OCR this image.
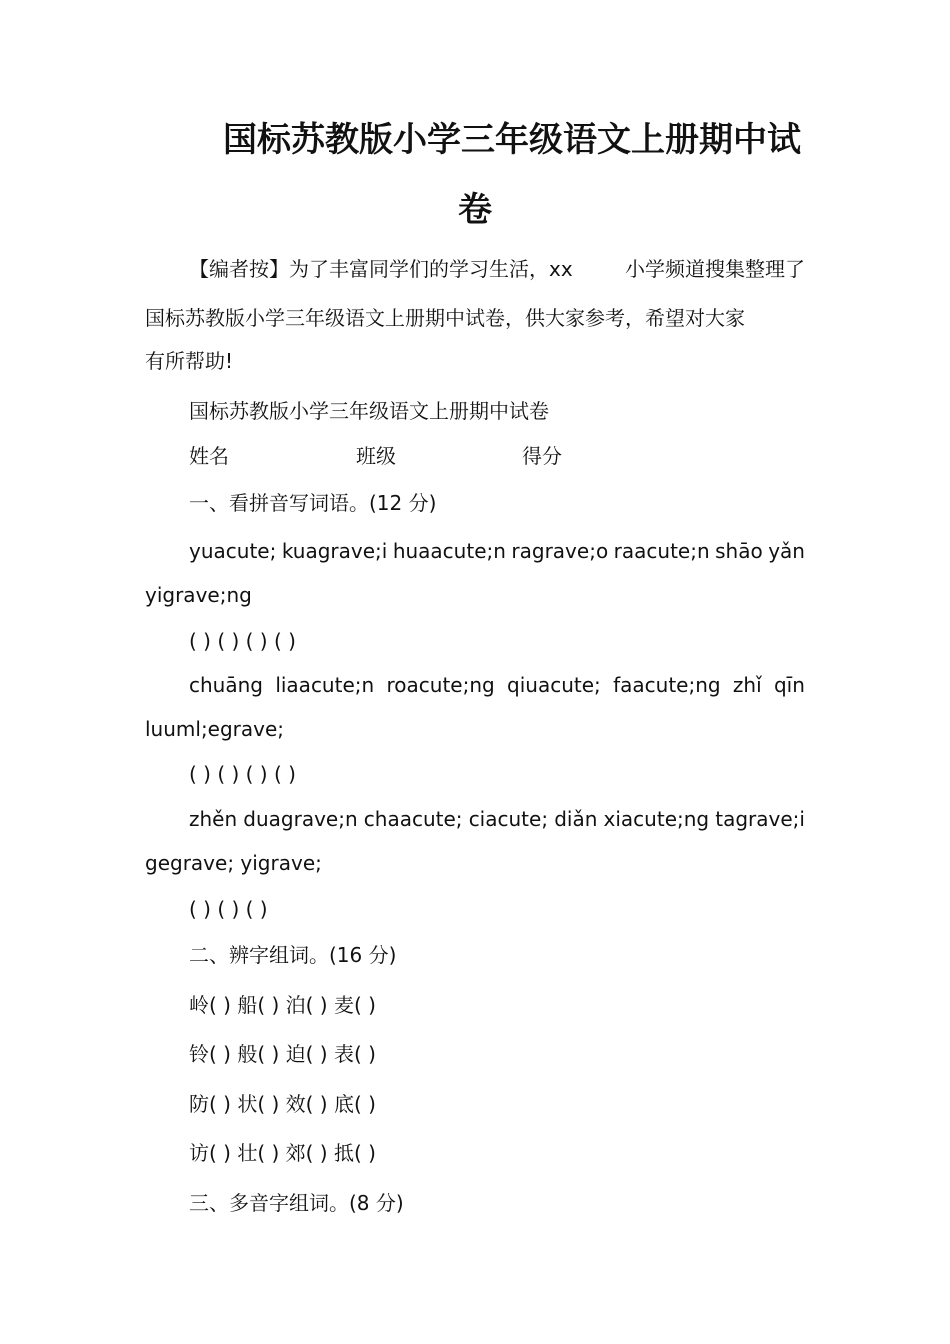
国标苏教版小学三年级语文上册期中试
卷
【编者按】为了丰富同学们的学习生活，xx	小学频道搜集整理了
国标苏教版小学三年级语文上册期中试卷，供大家参考，希望对大家
有所帮助!
国标苏教版小学三年级语文上册期中试卷
姓名	班级	得分
一、看拼音写词语。(12 分)
yuacute; kuagrave;i huaacute;n ragrave;o raacute;n shāo yǎn
yigrave;ng
( ) ( ) ( ) ( )
chuāng liaacute;n roacute;ng qiuacute; faacute;ng zhǐ qīn
luuml;egrave;
( ) ( ) ( ) ( )
zhěn duagrave;n chaacute; ciacute; diǎn xiacute;ng tagrave;i
gegrave; yigrave;
( ) ( ) ( )
二、辨字组词。(16 分)
岭( ) 船( ) 泊( ) 麦( )
铃( ) 般( ) 迫( ) 表( )
防( ) 状( ) 效( ) 底( )
访( ) 壮( ) 郊( ) 抵( )
三、多音字组词。(8 分)
